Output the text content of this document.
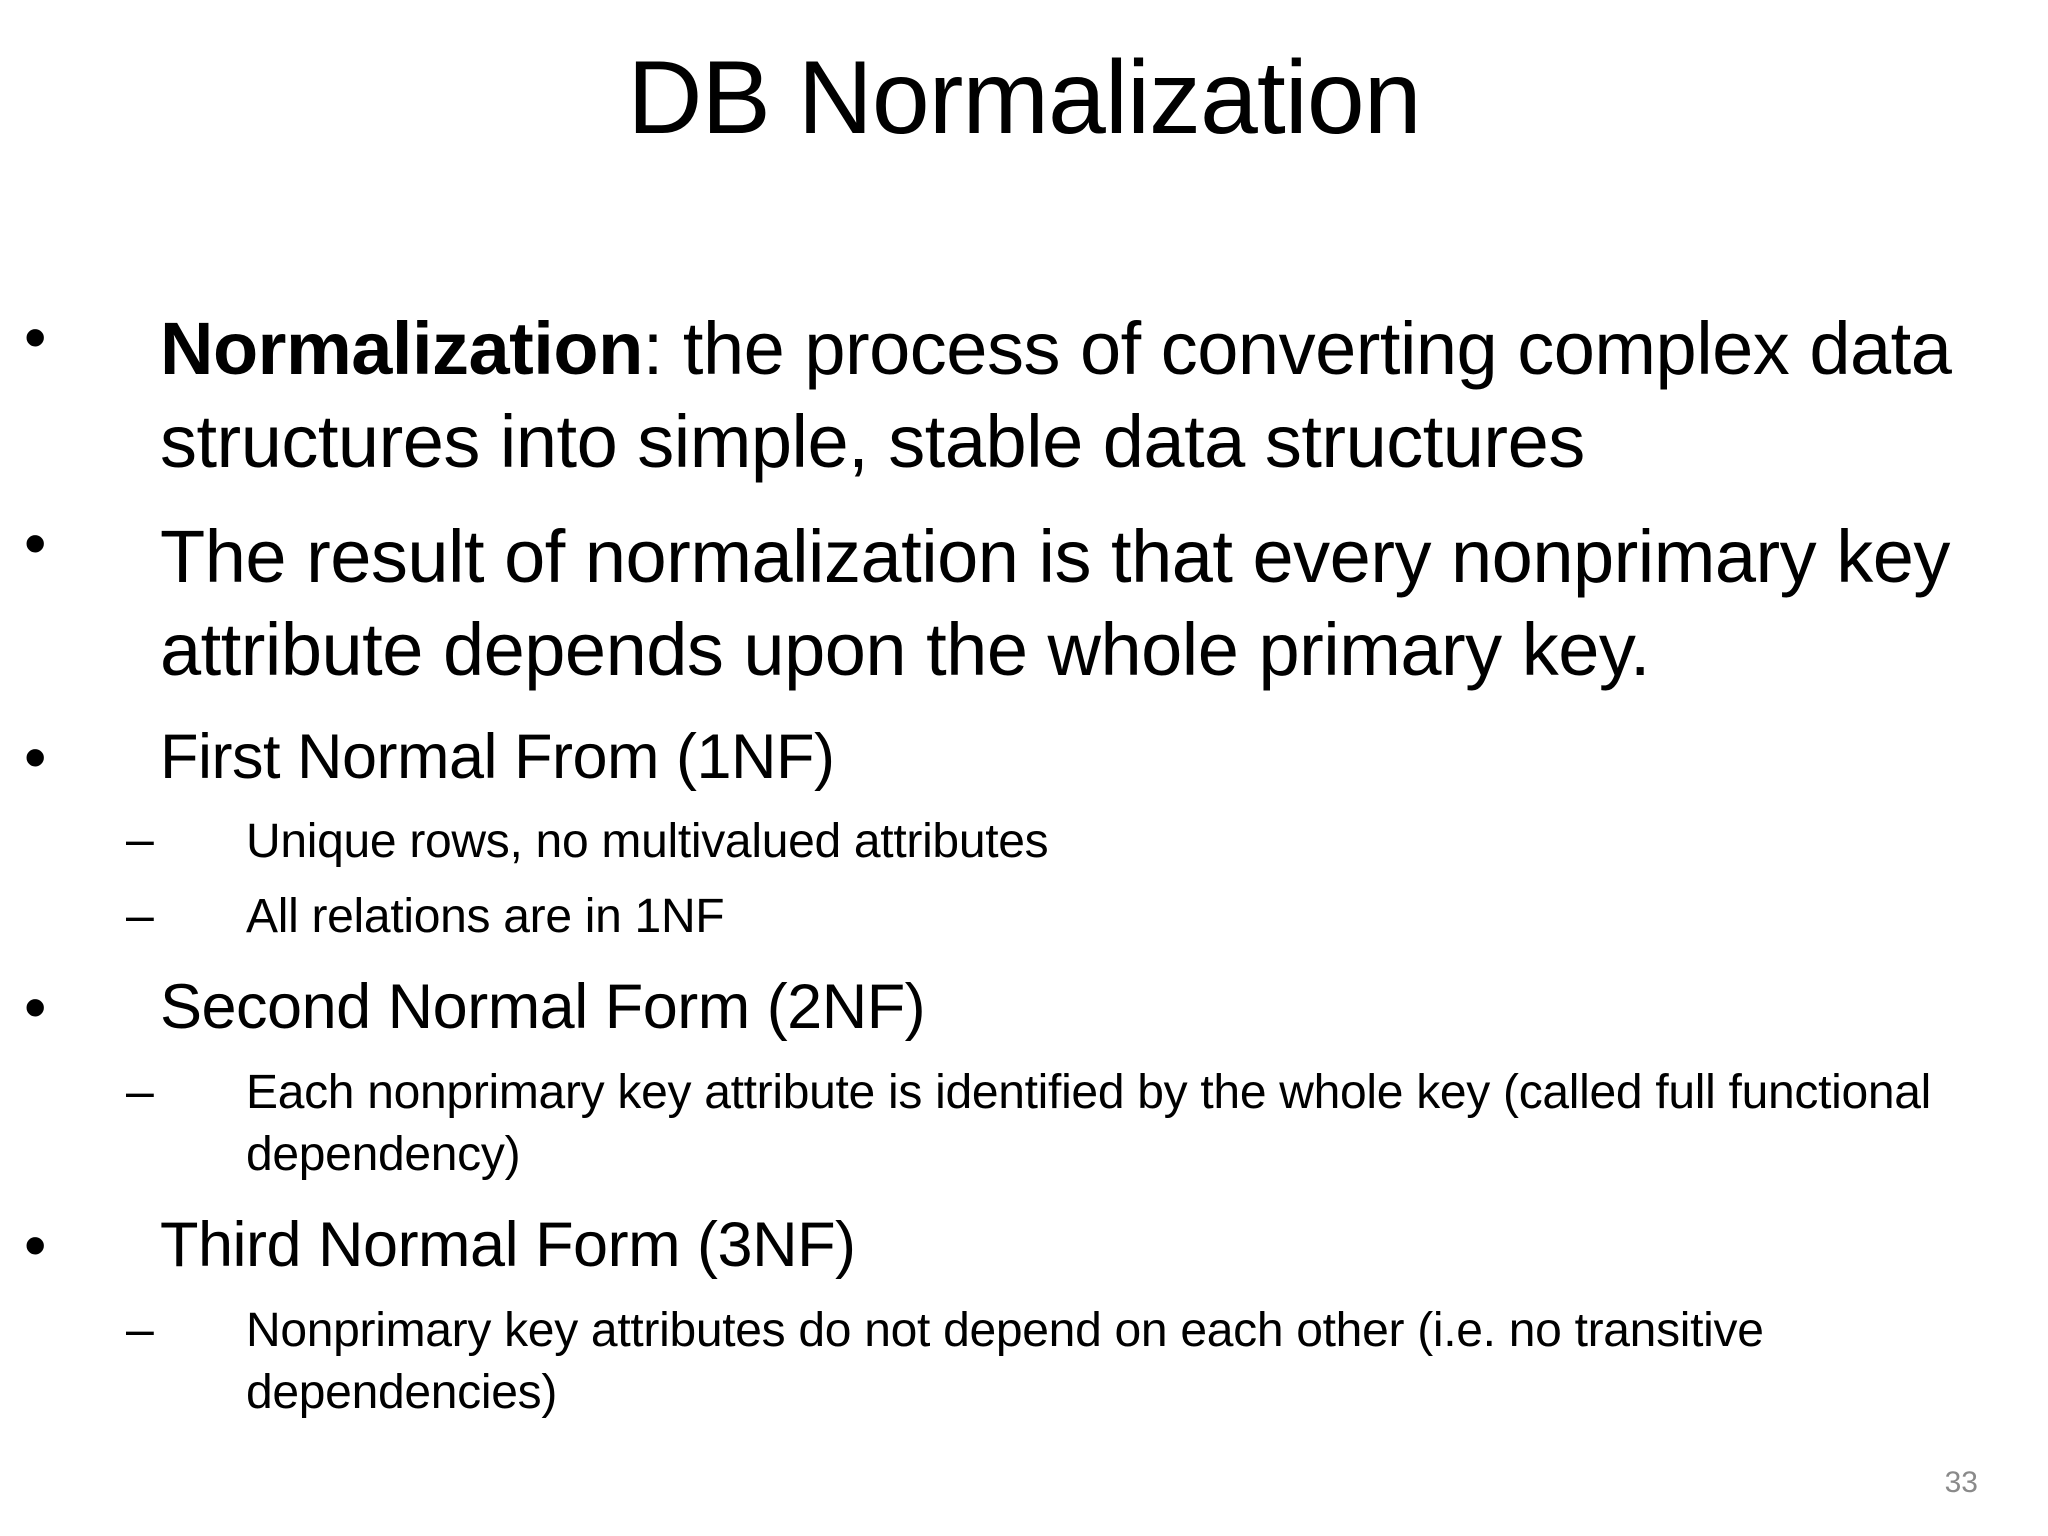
DB Normalization
• Normalization: the process of converting complex data structures into simple, stable data structures
• The result of normalization is that every nonprimary key attribute depends upon the whole primary key.
• First Normal From (1NF)
– Unique rows, no multivalued attributes
– All relations are in 1NF
• Second Normal Form (2NF)
– Each nonprimary key attribute is identified by the whole key (called full functional dependency)
• Third Normal Form (3NF)
– Nonprimary key attributes do not depend on each other (i.e. no transitive dependencies)
33
